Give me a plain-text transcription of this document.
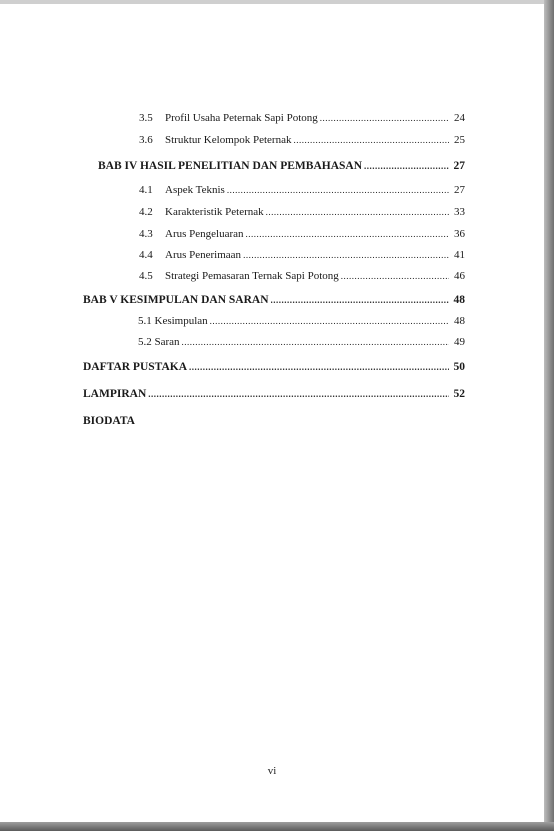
3.5	Profil Usaha Peternak Sapi Potong .....	24
3.6	Struktur Kelompok Peternak .....	25
BAB IV HASIL PENELITIAN DAN PEMBAHASAN .....	27
4.1	Aspek Teknis .....	27
4.2	Karakteristik Peternak .....	33
4.3	Arus Pengeluaran .....	36
4.4	Arus Penerimaan .....	41
4.5	Strategi Pemasaran Ternak Sapi Potong .....	46
BAB V KESIMPULAN DAN SARAN .....	48
5.1 Kesimpulan .....	48
5.2 Saran .....	49
DAFTAR PUSTAKA .....	50
LAMPIRAN .....	52
BIODATA
vi
